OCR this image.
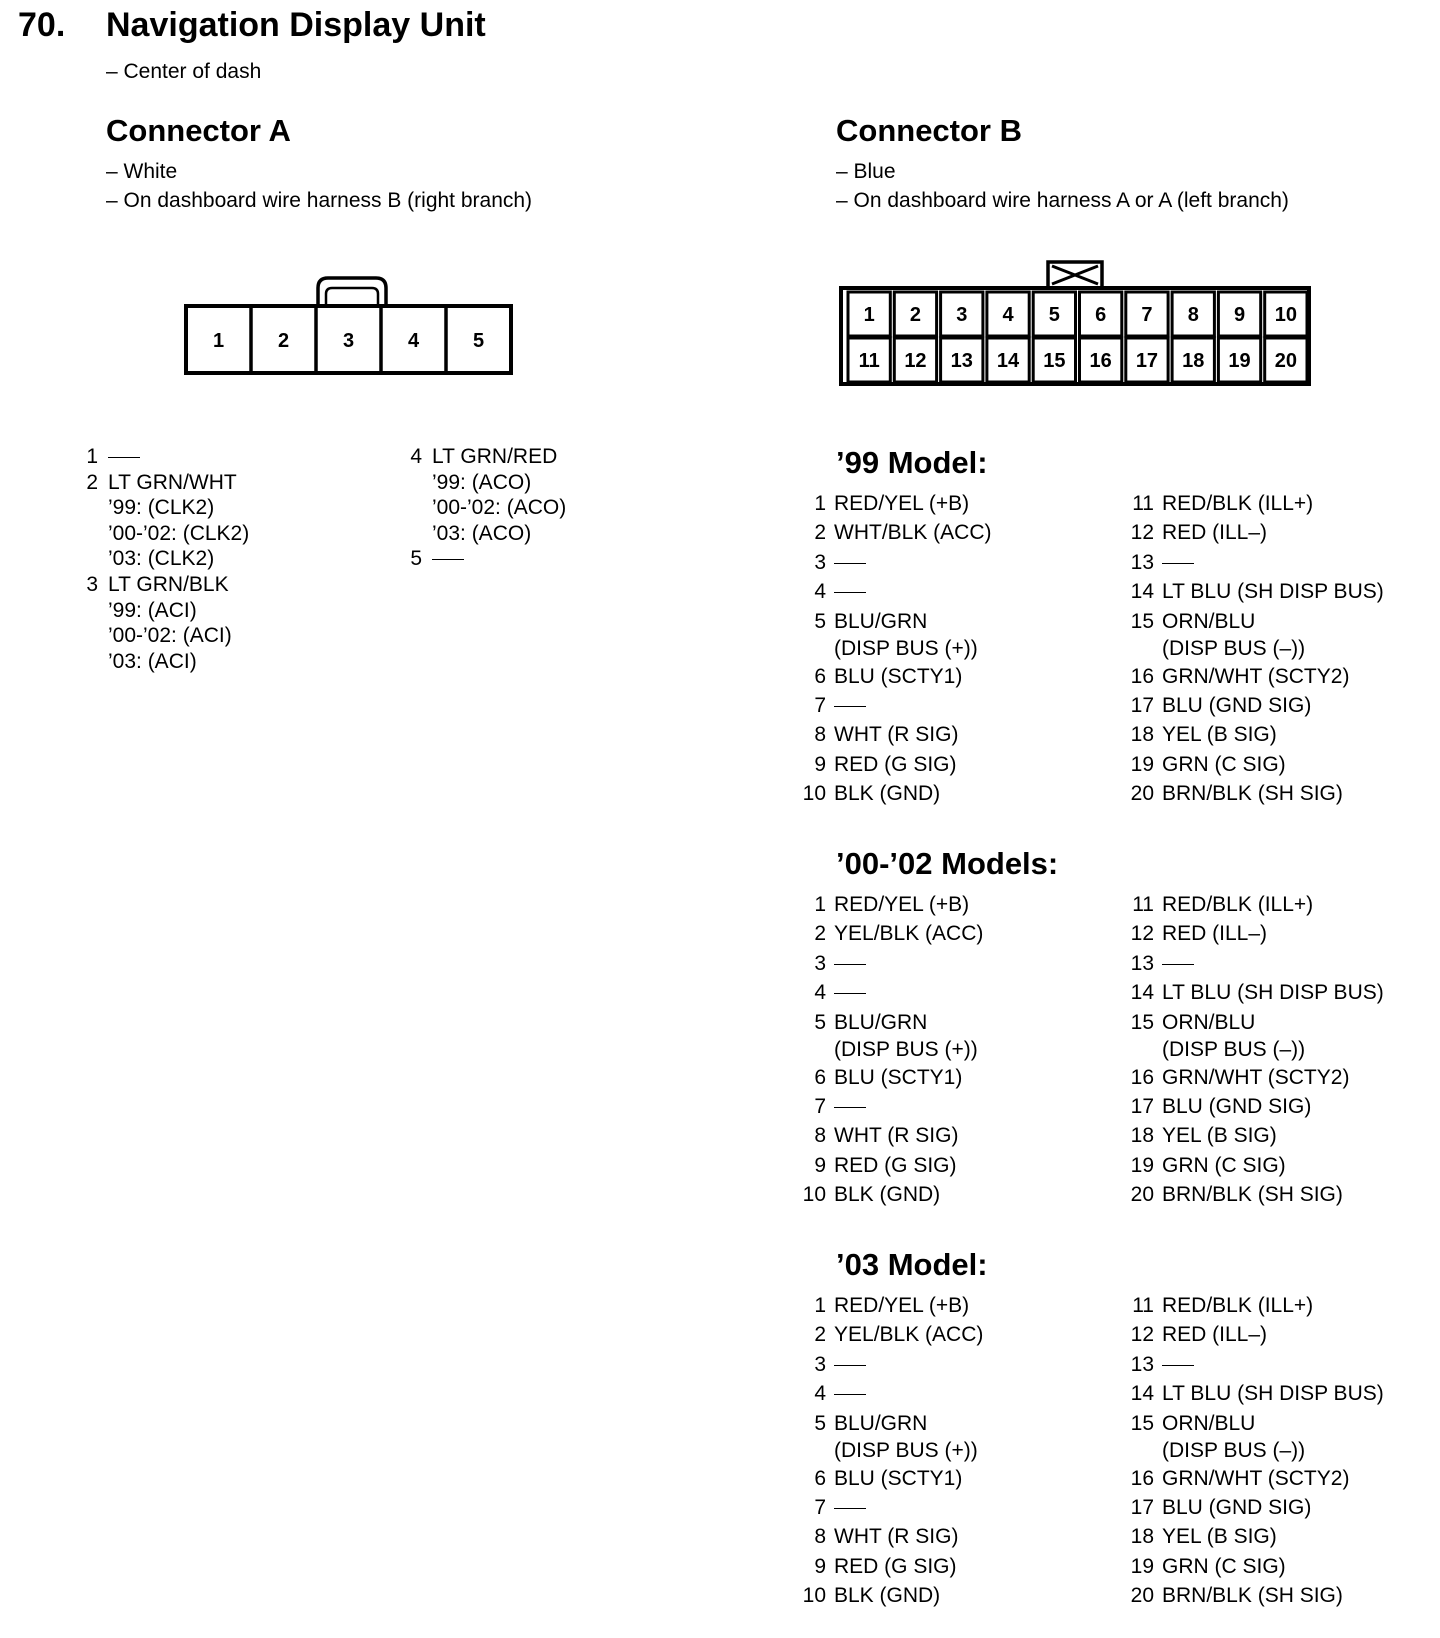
70. Navigation Display Unit
– Center of dash
Connector A
– White
– On dashboard wire harness B (right branch)
Connector B
– Blue
– On dashboard wire harness A or A (left branch)
1	2	3	4	5
1 2 3 4 5 6 7 8 9 10
11 12 13 14 15 16 17 18 19 20
1
2 LT GRN/WHT
’99: (CLK2)
’00-’02: (CLK2)
’03: (CLK2)
3 LT GRN/BLK
’99: (ACI)
’00-’02: (ACI)
’03: (ACI)
4 LT GRN/RED
’99: (ACO)
’00-’02: (ACO)
’03: (ACO)
5
’99 Model:
1 RED/YEL (+B)
2 WHT/BLK (ACC)
3
4
5 BLU/GRN
(DISP BUS (+))
6 BLU (SCTY1)
7
8 WHT (R SIG)
9 RED (G SIG)
10 BLK (GND)
11 RED/BLK (ILL+)
12 RED (ILL–)
13
14 LT BLU (SH DISP BUS)
15 ORN/BLU
(DISP BUS (–))
16 GRN/WHT (SCTY2)
17 BLU (GND SIG)
18 YEL (B SIG)
19 GRN (C SIG)
20 BRN/BLK (SH SIG)
’00-’02 Models:
1 RED/YEL (+B)
2 YEL/BLK (ACC)
3
4
5 BLU/GRN
(DISP BUS (+))
6 BLU (SCTY1)
7
8 WHT (R SIG)
9 RED (G SIG)
10 BLK (GND)
11 RED/BLK (ILL+)
12 RED (ILL–)
13
14 LT BLU (SH DISP BUS)
15 ORN/BLU
(DISP BUS (–))
16 GRN/WHT (SCTY2)
17 BLU (GND SIG)
18 YEL (B SIG)
19 GRN (C SIG)
20 BRN/BLK (SH SIG)
’03 Model:
1 RED/YEL (+B)
2 YEL/BLK (ACC)
3
4
5 BLU/GRN
(DISP BUS (+))
6 BLU (SCTY1)
7
8 WHT (R SIG)
9 RED (G SIG)
10 BLK (GND)
11 RED/BLK (ILL+)
12 RED (ILL–)
13
14 LT BLU (SH DISP BUS)
15 ORN/BLU
(DISP BUS (–))
16 GRN/WHT (SCTY2)
17 BLU (GND SIG)
18 YEL (B SIG)
19 GRN (C SIG)
20 BRN/BLK (SH SIG)
